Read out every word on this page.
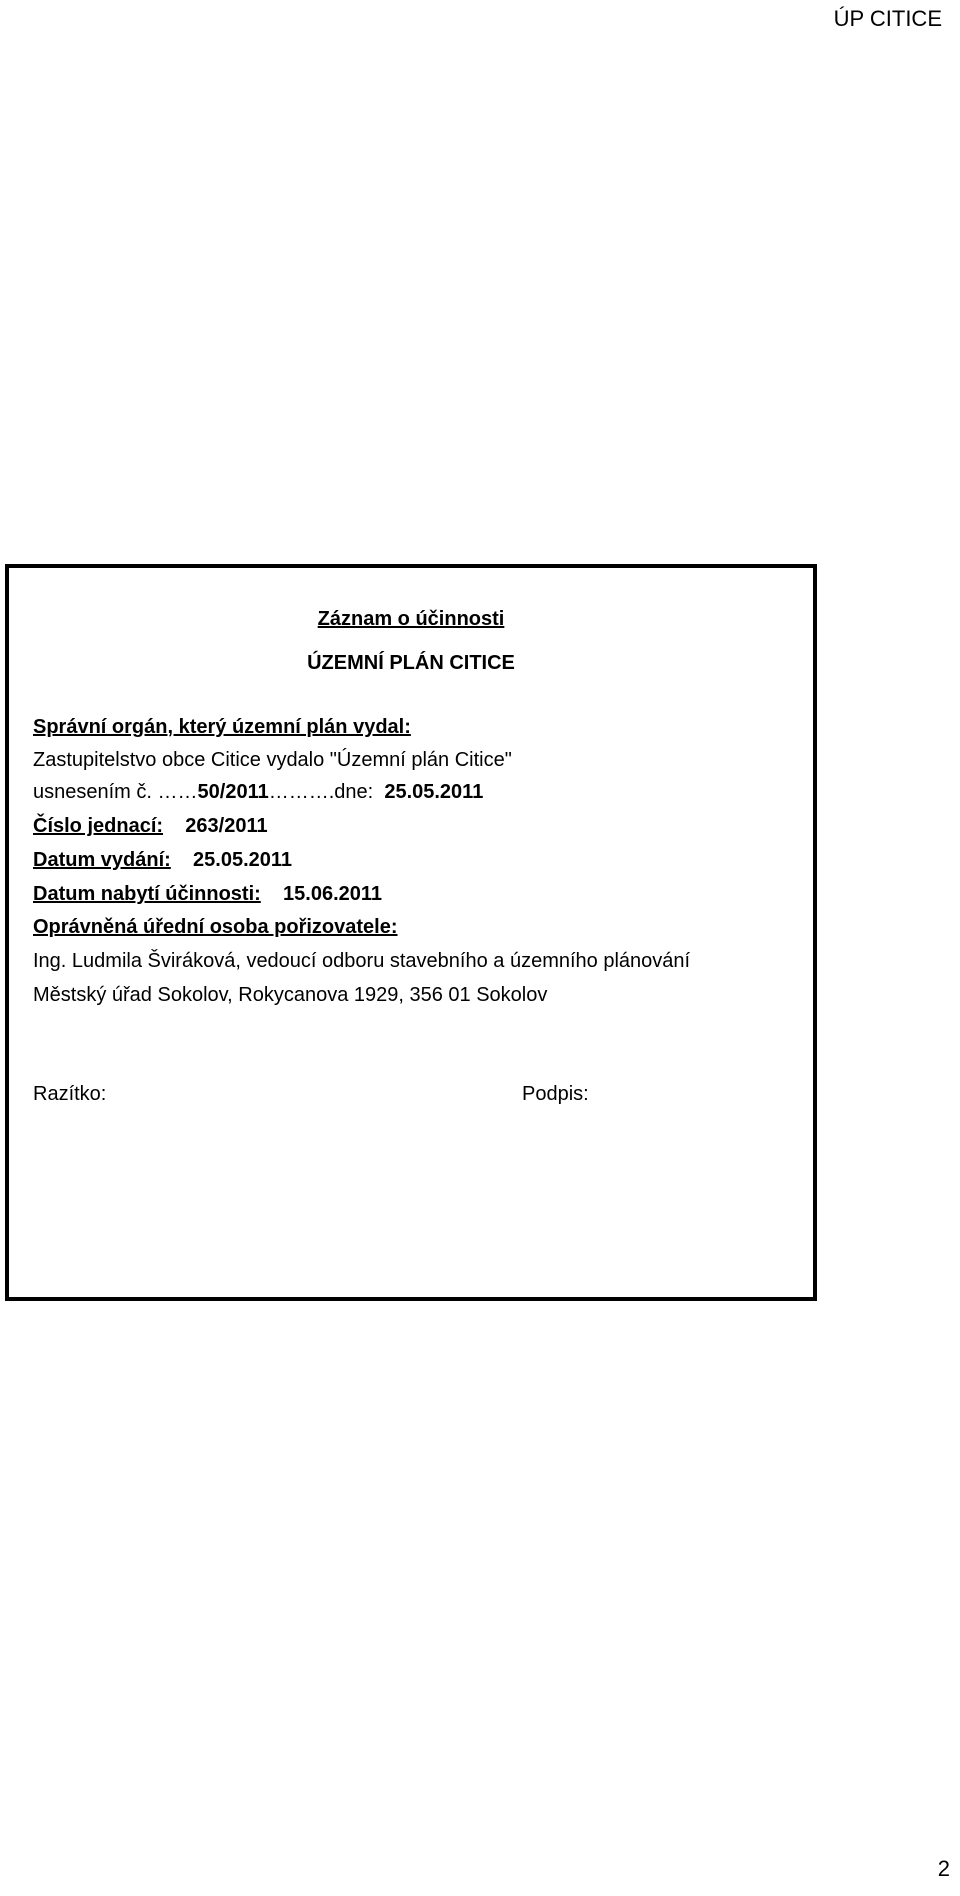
ÚP CITICE
Záznam o účinnosti
ÚZEMNÍ PLÁN CITICE
Správní orgán, který územní plán vydal:
Zastupitelstvo obce Citice vydalo "Územní plán Citice"
usnesením č. ……50/2011……….dne: 25.05.2011
Číslo jednací: 263/2011
Datum vydání: 25.05.2011
Datum nabytí účinnosti: 15.06.2011
Oprávněná úřední osoba pořizovatele:
Ing. Ludmila Šviráková, vedoucí odboru stavebního a územního plánování
Městský úřad Sokolov, Rokycanova 1929, 356 01 Sokolov
Razítko:	Podpis:
2
